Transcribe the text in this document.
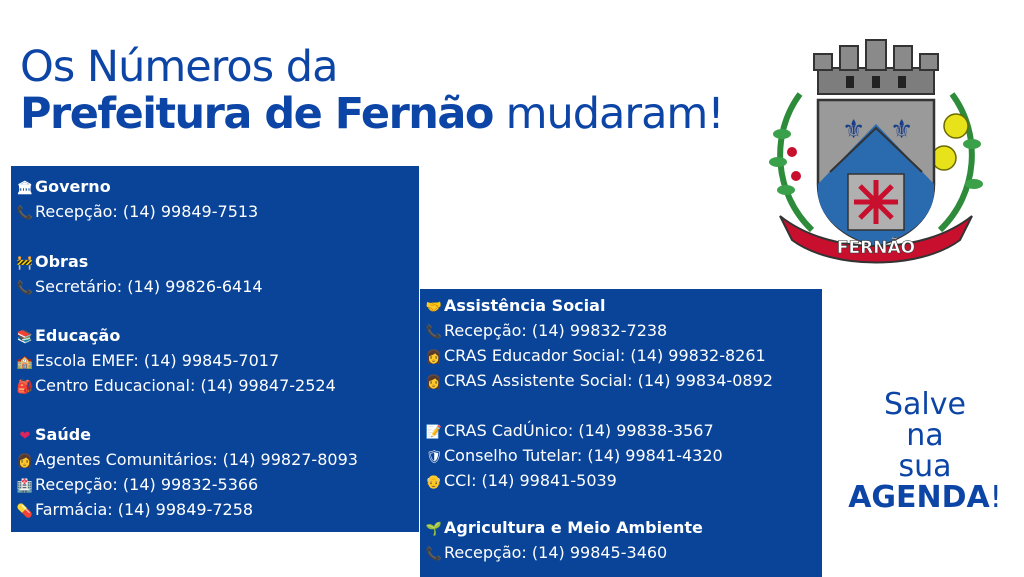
Os Números da
Prefeitura de Fernão mudaram!
🏛 Governo
📞 Recepção: (14) 99849-7513
🚧 Obras
📞 Secretário: (14) 99826-6414
📚 Educação
🏫 Escola EMEF: (14) 99845-7017
🎒 Centro Educacional: (14) 99847-2524
❤ Saúde
👩 Agentes Comunitários: (14) 99827-8093
🏥 Recepção: (14) 99832-5366
💊 Farmácia: (14) 99849-7258
🤝 Assistência Social
📞 Recepção: (14) 99832-7238
👩 CRAS Educador Social: (14) 99832-8261
👩 CRAS Assistente Social: (14) 99834-0892
📝 CRAS CadÚnico: (14) 99838-3567
🛡 Conselho Tutelar: (14) 99841-4320
👴 CCI: (14) 99841-5039
🌱 Agricultura e Meio Ambiente
📞 Recepção: (14) 99845-3460
Salve
na
sua
AGENDA!
⚜ ⚜
FERNÃO
